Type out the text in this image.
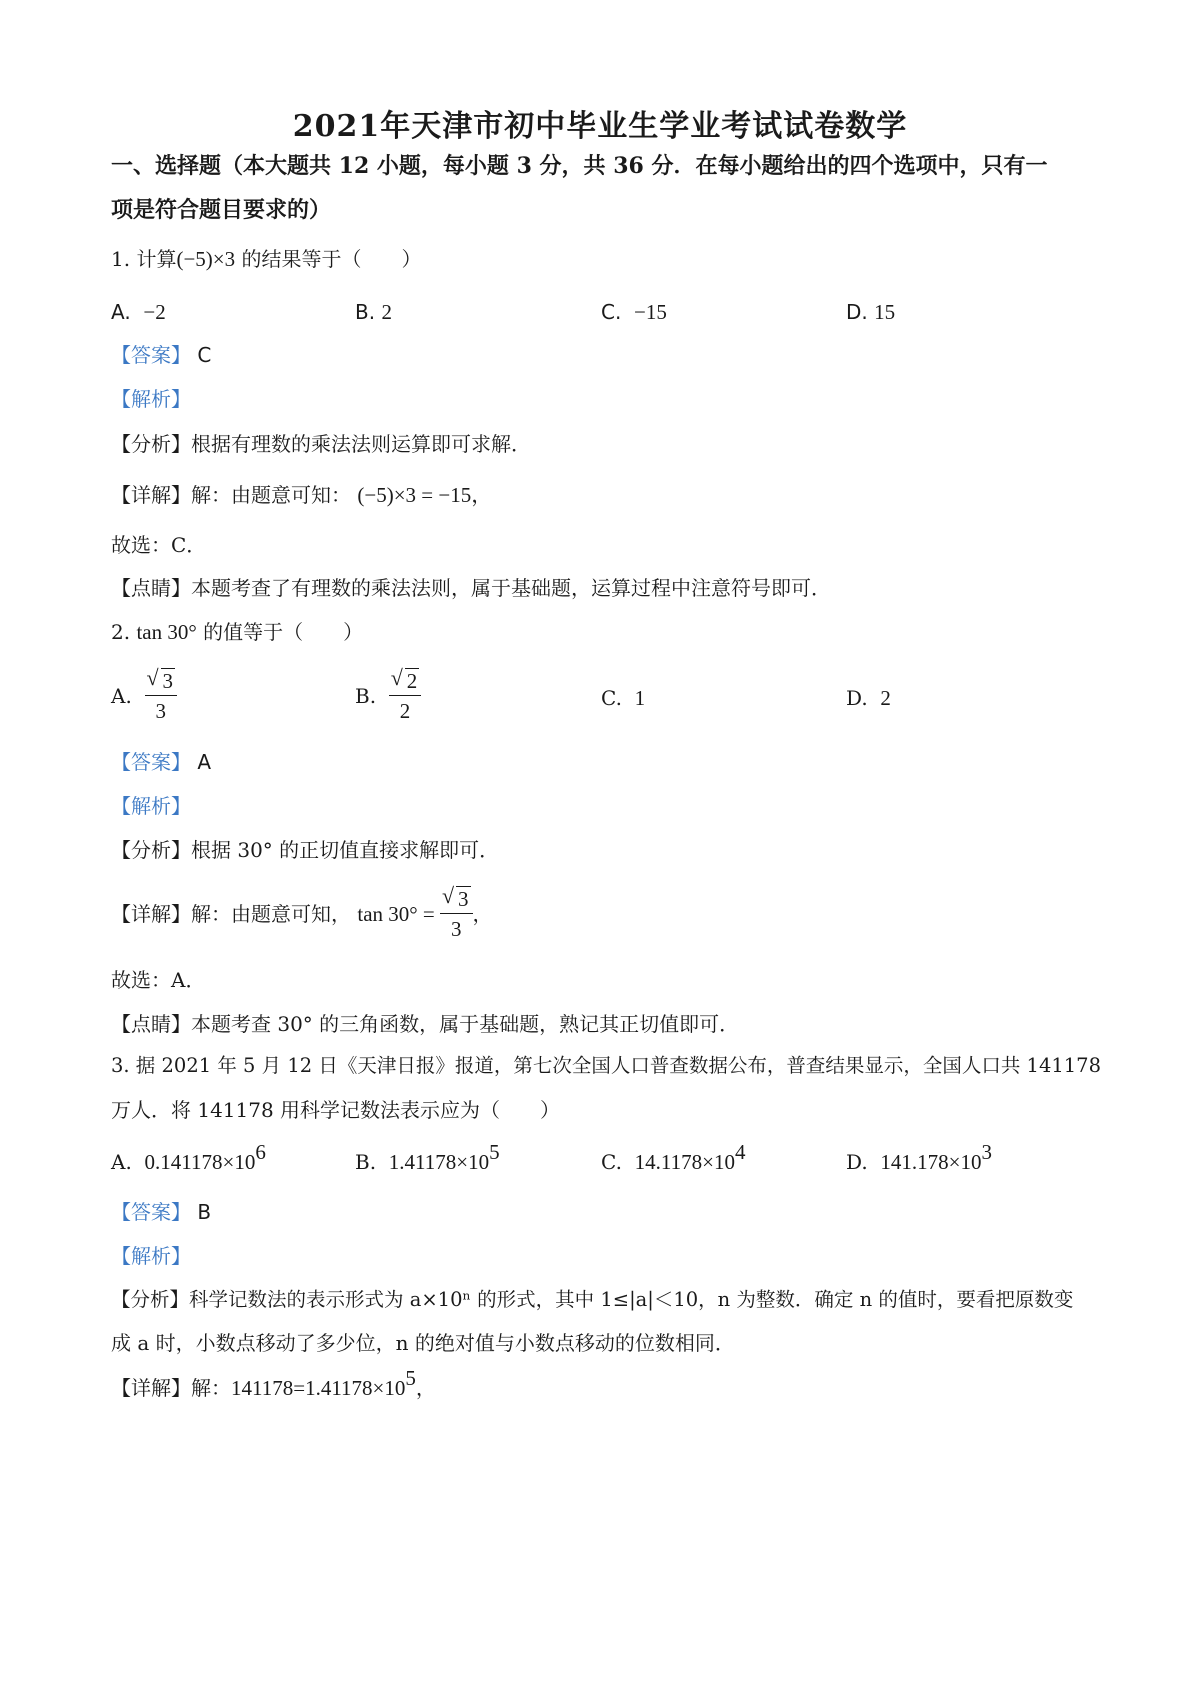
2021年天津市初中毕业生学业考试试卷数学
一、选择题（本大题共 12 小题，每小题 3 分，共 36 分．在每小题给出的四个选项中，只有一
项是符合题目要求的）
1. 计算(−5)×3 的结果等于（　　）
A. −2	B. 2	C. −15	D. 15
【答案】 C
【解析】
【分析】根据有理数的乘法法则运算即可求解．
【详解】解：由题意可知： (−5)×3 = −15，
故选：C．
【点睛】本题考查了有理数的乘法法则，属于基础题，运算过程中注意符号即可．
2. tan 30° 的值等于（　　）
A. $\frac{√ 3}{3}$	B. $\frac{√ 2}{2}$	C. 1	D. 2
【答案】 A
【解析】
【分析】根据 30° 的正切值直接求解即可．
【详解】解：由题意可知， $\tan 30^\circ = \frac{√ 3}{3}$ ，
故选：A．
【点睛】本题考查 30° 的三角函数，属于基础题，熟记其正切值即可．
3. 据 2021 年 5 月 12 日《天津日报》报道，第七次全国人口普查数据公布，普查结果显示，全国人口共 141178
万人．将 141178 用科学记数法表示应为（　　）
A. $0.141178\times 10^6$	B. $1.41178\times 10^5$	C. $14.1178\times 10^4$	D. $141.178\times 10^3$
【答案】 B
【解析】
【分析】科学记数法的表示形式为 a×10ⁿ 的形式，其中 1≤|a|＜10，n 为整数．确定 n 的值时，要看把原数变
成 a 时，小数点移动了多少位，n 的绝对值与小数点移动的位数相同．
【详解】解：$141178=1.41178\times 10^5$，
